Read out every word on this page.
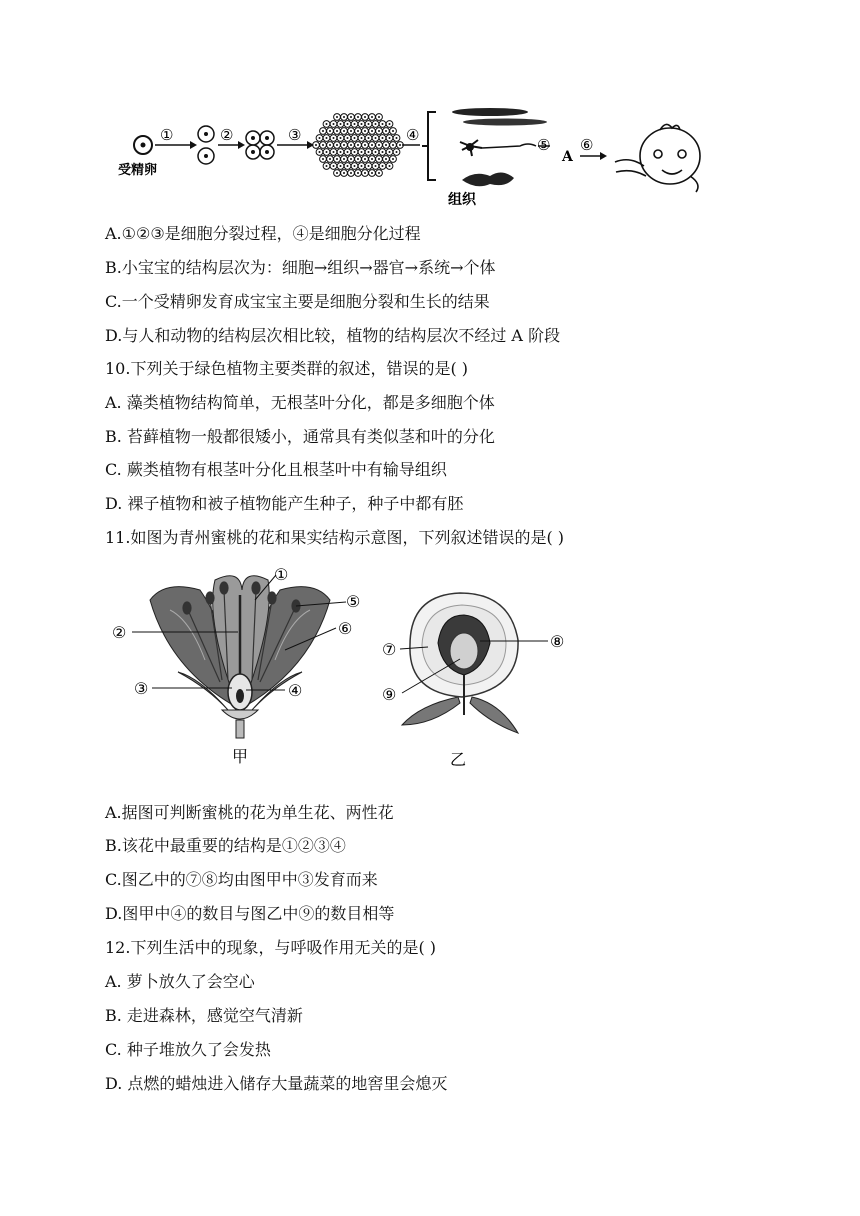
受精卵
①	②	③	④
组织
⑤
A
⑥
A.①②③是细胞分裂过程，④是细胞分化过程
B.小宝宝的结构层次为：细胞→组织→器官→系统→个体
C.一个受精卵发育成宝宝主要是细胞分裂和生长的结果
D.与人和动物的结构层次相比较，植物的结构层次不经过 A 阶段
10.下列关于绿色植物主要类群的叙述，错误的是( )
A. 藻类植物结构简单，无根茎叶分化，都是多细胞个体
B. 苔藓植物一般都很矮小，通常具有类似茎和叶的分化
C. 蕨类植物有根茎叶分化且根茎叶中有输导组织
D. 裸子植物和被子植物能产生种子，种子中都有胚
11.如图为青州蜜桃的花和果实结构示意图，下列叙述错误的是( )
①
②
③	④
⑤
⑥
甲
⑦	⑧
⑨
乙
A.据图可判断蜜桃的花为单生花、两性花
B.该花中最重要的结构是①②③④
C.图乙中的⑦⑧均由图甲中③发育而来
D.图甲中④的数目与图乙中⑨的数目相等
12.下列生活中的现象，与呼吸作用无关的是( )
A. 萝卜放久了会空心
B. 走进森林，感觉空气清新
C. 种子堆放久了会发热
D. 点燃的蜡烛进入储存大量蔬菜的地窖里会熄灭
